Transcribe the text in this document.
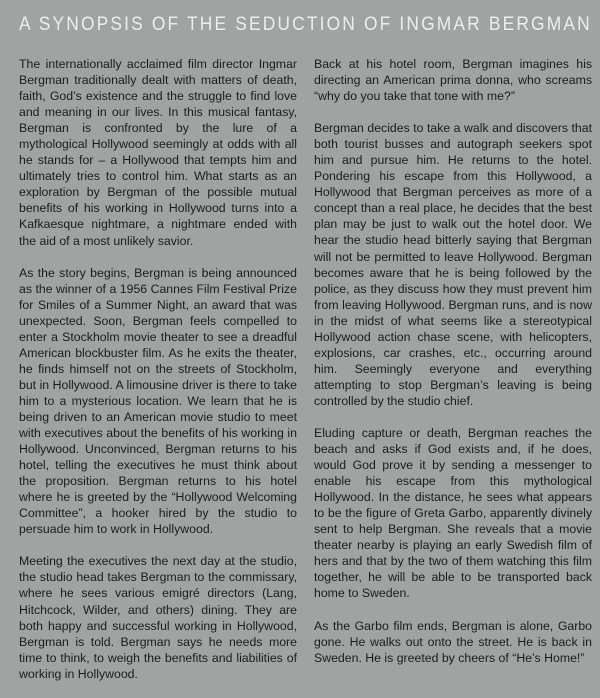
A SYNOPSIS OF THE SEDUCTION OF INGMAR BERGMAN

The internationally acclaimed film director Ingmar Bergman traditionally dealt with matters of death, faith, God’s existence and the struggle to find love and meaning in our lives. In this musical fantasy, Bergman is confronted by the lure of a mythological Hollywood seemingly at odds with all he stands for – a Hollywood that tempts him and ultimately tries to control him. What starts as an exploration by Bergman of the possible mutual benefits of his working in Hollywood turns into a Kafkaesque nightmare, a nightmare ended with the aid of a most unlikely savior.

As the story begins, Bergman is being announced as the winner of a 1956 Cannes Film Festival Prize for Smiles of a Summer Night, an award that was unexpected. Soon, Bergman feels compelled to enter a Stockholm movie theater to see a dreadful American blockbuster film. As he exits the theater, he finds himself not on the streets of Stockholm, but in Hollywood. A limousine driver is there to take him to a mysterious location. We learn that he is being driven to an American movie studio to meet with executives about the benefits of his working in Hollywood. Unconvinced, Bergman returns to his hotel, telling the executives he must think about the proposition. Bergman returns to his hotel where he is greeted by the “Hollywood Welcoming Committee”, a hooker hired by the studio to persuade him to work in Hollywood.

Meeting the executives the next day at the studio, the studio head takes Bergman to the commissary, where he sees various emigré directors (Lang, Hitchcock, Wilder, and others) dining. They are both happy and successful working in Hollywood, Bergman is told. Bergman says he needs more time to think, to weigh the benefits and liabilities of working in Hollywood.

Back at his hotel room, Bergman imagines his directing an American prima donna, who screams “why do you take that tone with me?”

Bergman decides to take a walk and discovers that both tourist busses and autograph seekers spot him and pursue him. He returns to the hotel. Pondering his escape from this Hollywood, a Hollywood that Bergman perceives as more of a concept than a real place, he decides that the best plan may be just to walk out the hotel door. We hear the studio head bitterly saying that Bergman will not be permitted to leave Hollywood. Bergman becomes aware that he is being followed by the police, as they discuss how they must prevent him from leaving Hollywood. Bergman runs, and is now in the midst of what seems like a stereotypical Hollywood action chase scene, with helicopters, explosions, car crashes, etc., occurring around him. Seemingly everyone and everything attempting to stop Bergman’s leaving is being controlled by the studio chief.

Eluding capture or death, Bergman reaches the beach and asks if God exists and, if he does, would God prove it by sending a messenger to enable his escape from this mythological Hollywood. In the distance, he sees what appears to be the figure of Greta Garbo, apparently divinely sent to help Bergman. She reveals that a movie theater nearby is playing an early Swedish film of hers and that by the two of them watching this film together, he will be able to be transported back home to Sweden.

As the Garbo film ends, Bergman is alone, Garbo gone. He walks out onto the street. He is back in Sweden. He is greeted by cheers of “He’s Home!”
